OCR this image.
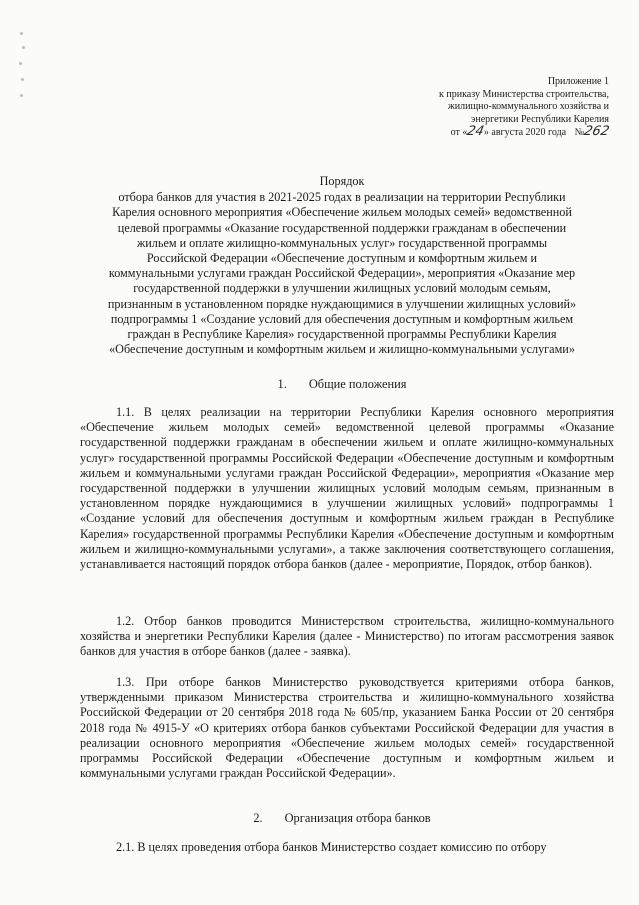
Приложение 1
к приказу Министерства строительства,
жилищно-коммунального хозяйства и
энергетики Республики Карелия
от «24» августа 2020 года №262
Порядок
отбора банков для участия в 2021-2025 годах в реализации на территории Республики
Карелия основного мероприятия «Обеспечение жильем молодых семей» ведомственной
целевой программы «Оказание государственной поддержки гражданам в обеспечении
жильем и оплате жилищно-коммунальных услуг» государственной программы
Российской Федерации «Обеспечение доступным и комфортным жильем и
коммунальными услугами граждан Российской Федерации», мероприятия «Оказание мер
государственной поддержки в улучшении жилищных условий молодым семьям,
признанным в установленном порядке нуждающимися в улучшении жилищных условий»
подпрограммы 1 «Создание условий для обеспечения доступным и комфортным жильем
граждан в Республике Карелия» государственной программы Республики Карелия
«Обеспечение доступным и комфортным жильем и жилищно-коммунальными услугами»
1. Общие положения
1.1. В целях реализации на территории Республики Карелия основного мероприятия «Обеспечение жильем молодых семей» ведомственной целевой программы «Оказание государственной поддержки гражданам в обеспечении жильем и оплате жилищно-коммунальных услуг» государственной программы Российской Федерации «Обеспечение доступным и комфортным жильем и коммунальными услугами граждан Российской Федерации», мероприятия «Оказание мер государственной поддержки в улучшении жилищных условий молодым семьям, признанным в установленном порядке нуждающимися в улучшении жилищных условий» подпрограммы 1 «Создание условий для обеспечения доступным и комфортным жильем граждан в Республике Карелия» государственной программы Республики Карелия «Обеспечение доступным и комфортным жильем и жилищно-коммунальными услугами», а также заключения соответствующего соглашения, устанавливается настоящий порядок отбора банков (далее - мероприятие, Порядок, отбор банков).
1.2. Отбор банков проводится Министерством строительства, жилищно-коммунального хозяйства и энергетики Республики Карелия (далее - Министерство) по итогам рассмотрения заявок банков для участия в отборе банков (далее - заявка).
1.3. При отборе банков Министерство руководствуется критериями отбора банков, утвержденными приказом Министерства строительства и жилищно-коммунального хозяйства Российской Федерации от 20 сентября 2018 года № 605/пр, указанием Банка России от 20 сентября 2018 года № 4915-У «О критериях отбора банков субъектами Российской Федерации для участия в реализации основного мероприятия «Обеспечение жильем молодых семей» государственной программы Российской Федерации «Обеспечение доступным и комфортным жильем и коммунальными услугами граждан Российской Федерации».
2. Организация отбора банков
2.1. В целях проведения отбора банков Министерство создает комиссию по отбору
